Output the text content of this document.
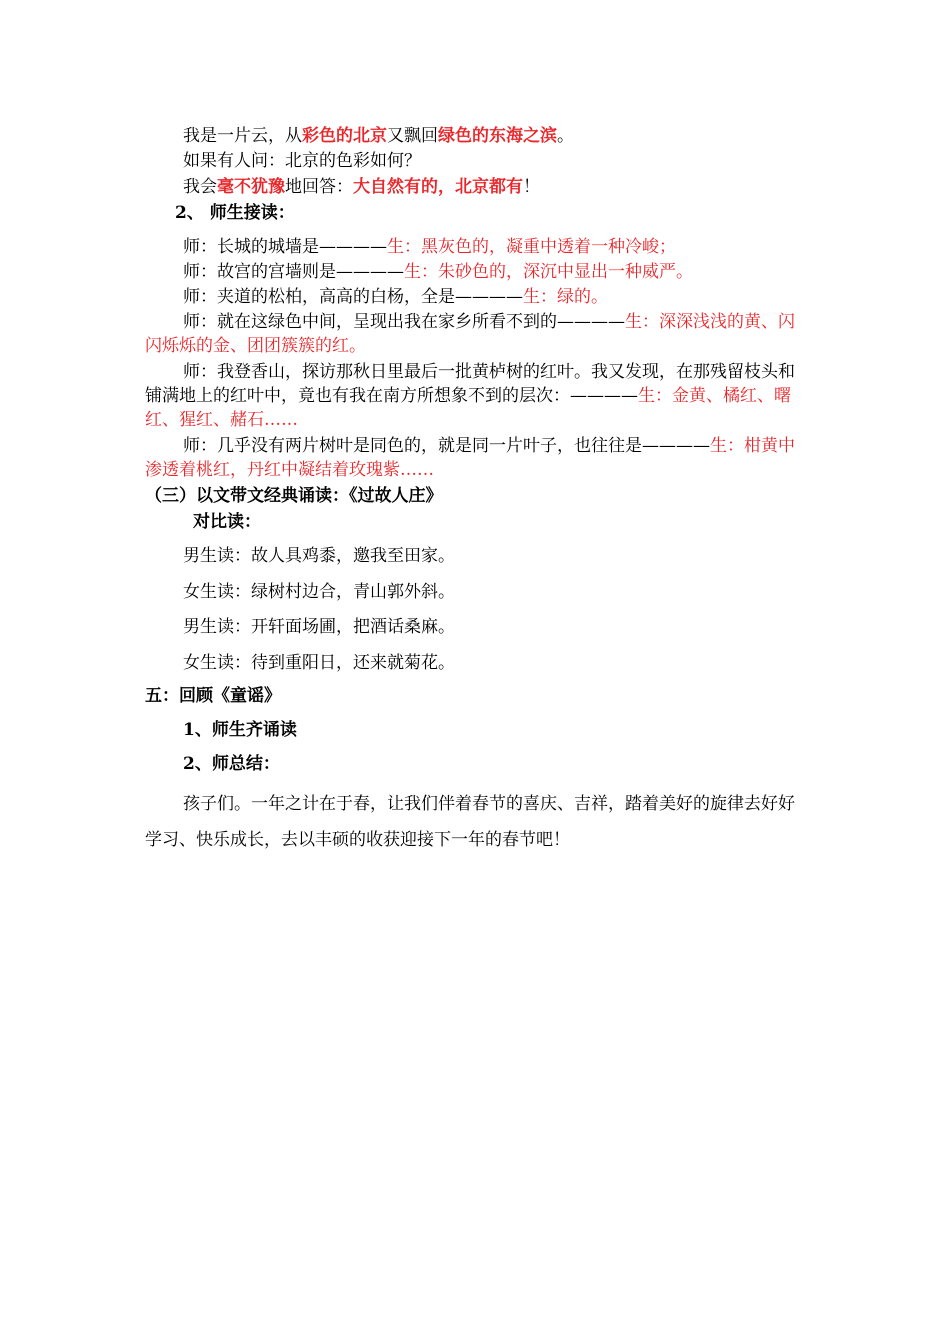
我是一片云，从彩色的北京又飘回绿色的东海之滨。
如果有人问：北京的色彩如何？
我会毫不犹豫地回答：大自然有的，北京都有！
2、 师生接读：
师：长城的城墙是————生：黑灰色的，凝重中透着一种冷峻；
师：故宫的宫墙则是————生：朱砂色的，深沉中显出一种威严。
师：夹道的松柏，高高的白杨，全是————生：绿的。
师：就在这绿色中间，呈现出我在家乡所看不到的————生：深深浅浅的黄、闪闪烁烁的金、团团簇簇的红。
师：我登香山，探访那秋日里最后一批黄栌树的红叶。我又发现，在那残留枝头和铺满地上的红叶中，竟也有我在南方所想象不到的层次：————生：金黄、橘红、曙红、猩红、赭石……
师：几乎没有两片树叶是同色的，就是同一片叶子，也往往是————生：柑黄中渗透着桃红，丹红中凝结着玫瑰紫……
（三）以文带文经典诵读：《过故人庄》
对比读：
男生读：故人具鸡黍，邀我至田家。
女生读：绿树村边合，青山郭外斜。
男生读：开轩面场圃，把酒话桑麻。
女生读：待到重阳日，还来就菊花。
五：回顾《童谣》
1、师生齐诵读
2、师总结：
孩子们。一年之计在于春，让我们伴着春节的喜庆、吉祥，踏着美好的旋律去好好学习、快乐成长，去以丰硕的收获迎接下一年的春节吧！
